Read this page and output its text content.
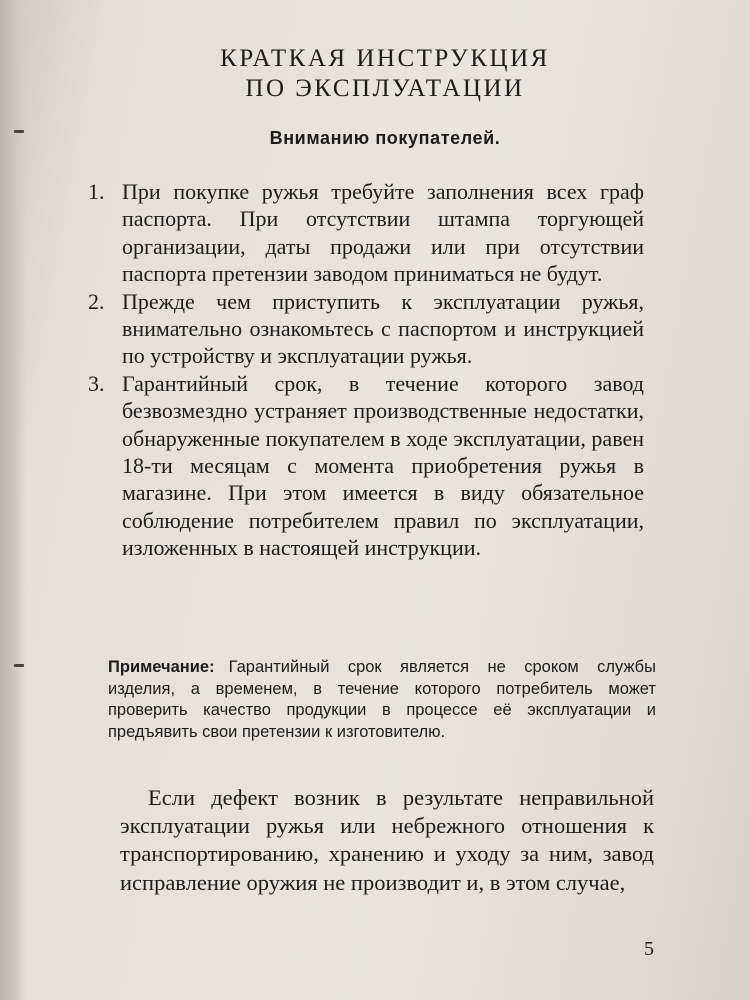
КРАТКАЯ ИНСТРУКЦИЯ
ПО ЭКСПЛУАТАЦИИ
Вниманию покупателей.
1. При покупке ружья требуйте заполнения всех граф паспорта. При отсутствии штампа торгующей организации, даты продажи или при отсутствии паспорта претензии заводом приниматься не будут.
2. Прежде чем приступить к эксплуатации ружья, внимательно ознакомьтесь с паспортом и инструкцией по устройству и эксплуатации ружья.
3. Гарантийный срок, в течение которого завод безвозмездно устраняет производственные недостатки, обнаруженные покупателем в ходе эксплуатации, равен 18-ти месяцам с момента приобретения ружья в магазине. При этом имеется в виду обязательное соблюдение потребителем правил по эксплуатации, изложенных в настоящей инструкции.

Примечание: Гарантийный срок является не сроком службы изделия, а временем, в течение которого потребитель может проверить качество продукции в процессе её эксплуатации и предъявить свои претензии к изготовителю.

Если дефект возник в результате неправильной эксплуатации ружья или небрежного отношения к транспортированию, хранению и уходу за ним, завод исправление оружия не производит и, в этом случае,

5
